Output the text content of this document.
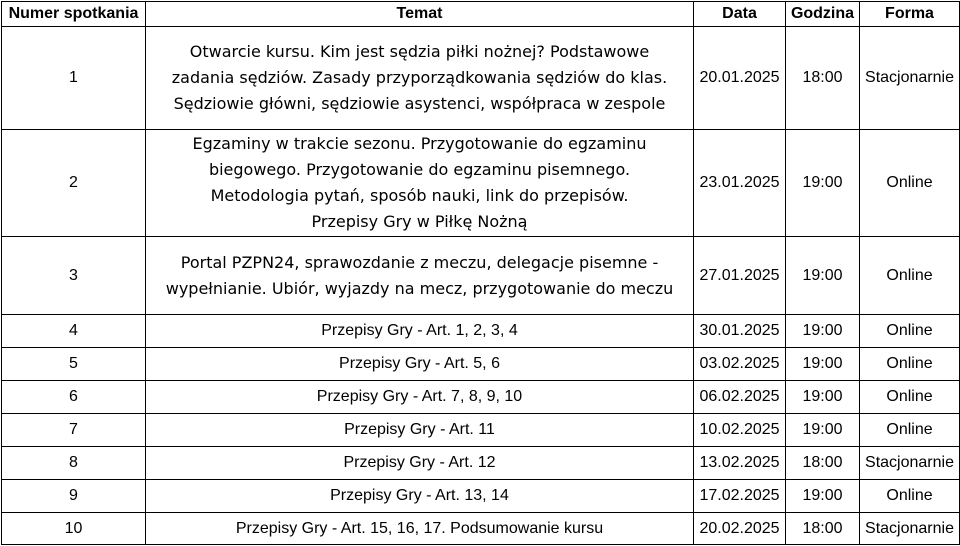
Numer spotkania	Temat	Data	Godzina	Forma
1	Otwarcie kursu. Kim jest sędzia piłki nożnej? Podstawowe
zadania sędziów. Zasady przyporządkowania sędziów do klas.
Sędziowie główni, sędziowie asystenci, współpraca w zespole	20.01.2025	18:00	Stacjonarnie
2	Egzaminy w trakcie sezonu. Przygotowanie do egzaminu
biegowego. Przygotowanie do egzaminu pisemnego.
Metodologia pytań, sposób nauki, link do przepisów.
Przepisy Gry w Piłkę Nożną	23.01.2025	19:00	Online
3	Portal PZPN24, sprawozdanie z meczu, delegacje pisemne -
wypełnianie. Ubiór, wyjazdy na mecz, przygotowanie do meczu	27.01.2025	19:00	Online
4	Przepisy Gry - Art. 1, 2, 3, 4	30.01.2025	19:00	Online
5	Przepisy Gry - Art. 5, 6	03.02.2025	19:00	Online
6	Przepisy Gry - Art. 7, 8, 9, 10	06.02.2025	19:00	Online
7	Przepisy Gry - Art. 11	10.02.2025	19:00	Online
8	Przepisy Gry - Art. 12	13.02.2025	18:00	Stacjonarnie
9	Przepisy Gry - Art. 13, 14	17.02.2025	19:00	Online
10	Przepisy Gry - Art. 15, 16, 17. Podsumowanie kursu	20.02.2025	18:00	Stacjonarnie
